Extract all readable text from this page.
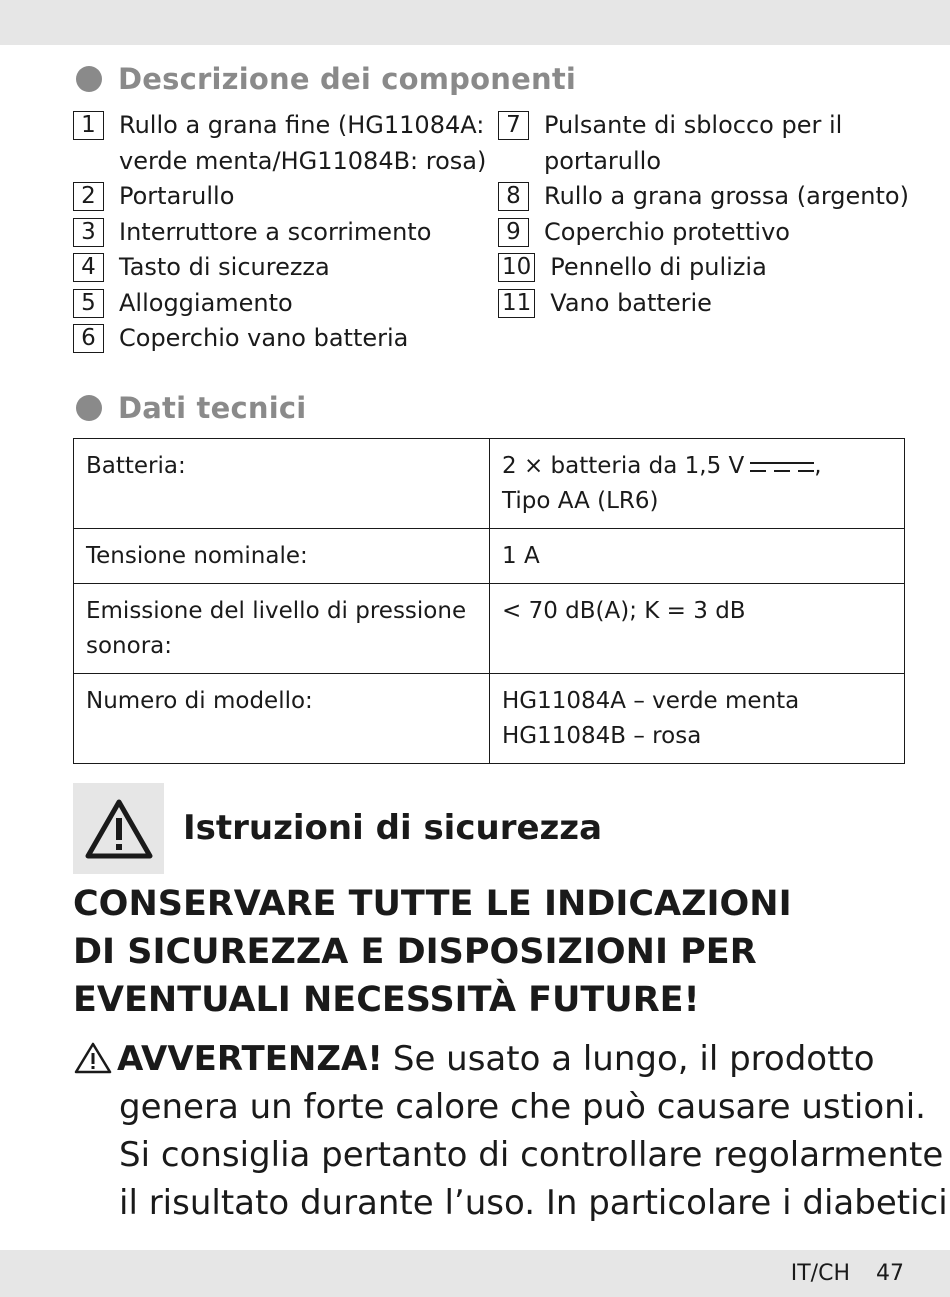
Descrizione dei componenti
1 Rullo a grana fine (HG11084A:
verde menta/HG11084B: rosa)
2 Portarullo
3 Interruttore a scorrimento
4 Tasto di sicurezza
5 Alloggiamento
6 Coperchio vano batteria
7 Pulsante di sblocco per il
portarullo
8 Rullo a grana grossa (argento)
9 Coperchio protettivo
10 Pennello di pulizia
11 Vano batterie
Dati tecnici
Batteria:	2 × batteria da 1,5 V ,
Tipo AA (LR6)
Tensione nominale:	1 A
Emissione del livello di pressione
sonora:	< 70 dB(A); K = 3 dB
Numero di modello:	HG11084A – verde menta
HG11084B – rosa
Istruzioni di sicurezza
CONSERVARE TUTTE LE INDICAZIONI
DI SICUREZZA E DISPOSIZIONI PER
EVENTUALI NECESSITÀ FUTURE!
AVVERTENZA! Se usato a lungo, il prodotto
genera un forte calore che può causare ustioni.
Si consiglia pertanto di controllare regolarmente
il risultato durante l’uso. In particolare i diabetici
IT/CH 47
